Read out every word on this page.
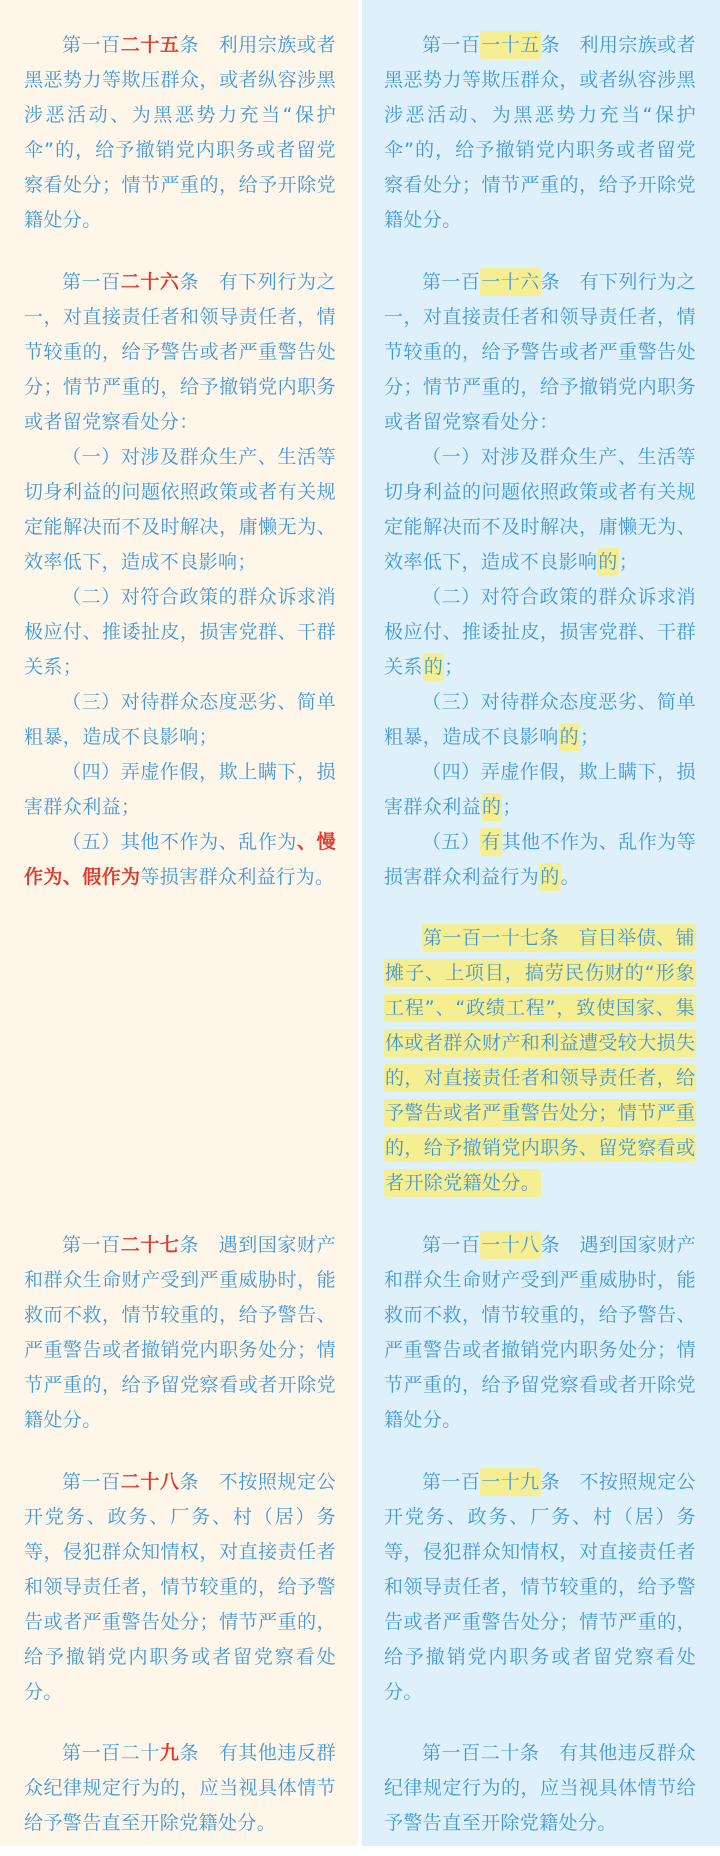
第一百二十五条　利用宗族或者黑恶势力等欺压群众，或者纵容涉黑涉恶活动、为黑恶势力充当“保护伞”的，给予撤销党内职务或者留党察看处分；情节严重的，给予开除党籍处分。

第一百一十五条　利用宗族或者黑恶势力等欺压群众，或者纵容涉黑涉恶活动、为黑恶势力充当“保护伞”的，给予撤销党内职务或者留党察看处分；情节严重的，给予开除党籍处分。

第一百二十六条　有下列行为之一，对直接责任者和领导责任者，情节较重的，给予警告或者严重警告处分；情节严重的，给予撤销党内职务或者留党察看处分：

（一）对涉及群众生产、生活等切身利益的问题依照政策或者有关规定能解决而不及时解决，庸懒无为、效率低下，造成不良影响；

（二）对符合政策的群众诉求消极应付、推诿扯皮，损害党群、干群关系；

（三）对待群众态度恶劣、简单粗暴，造成不良影响；

（四）弄虚作假，欺上瞒下，损害群众利益；

（五）其他不作为、乱作为、慢作为、假作为等损害群众利益行为。

第一百一十六条　有下列行为之一，对直接责任者和领导责任者，情节较重的，给予警告或者严重警告处分；情节严重的，给予撤销党内职务或者留党察看处分：

（一）对涉及群众生产、生活等切身利益的问题依照政策或者有关规定能解决而不及时解决，庸懒无为、效率低下，造成不良影响的；

（二）对符合政策的群众诉求消极应付、推诿扯皮，损害党群、干群关系的；

（三）对待群众态度恶劣、简单粗暴，造成不良影响的；

（四）弄虚作假，欺上瞒下，损害群众利益的；

（五）有其他不作为、乱作为等损害群众利益行为的。

第一百一十七条　盲目举债、铺摊子、上项目，搞劳民伤财的“形象工程”、“政绩工程”，致使国家、集体或者群众财产和利益遭受较大损失的，对直接责任者和领导责任者，给予警告或者严重警告处分；情节严重的，给予撤销党内职务、留党察看或者开除党籍处分。

第一百二十七条　遇到国家财产和群众生命财产受到严重威胁时，能救而不救，情节较重的，给予警告、严重警告或者撤销党内职务处分；情节严重的，给予留党察看或者开除党籍处分。

第一百一十八条　遇到国家财产和群众生命财产受到严重威胁时，能救而不救，情节较重的，给予警告、严重警告或者撤销党内职务处分；情节严重的，给予留党察看或者开除党籍处分。

第一百二十八条　不按照规定公开党务、政务、厂务、村（居）务等，侵犯群众知情权，对直接责任者和领导责任者，情节较重的，给予警告或者严重警告处分；情节严重的，给予撤销党内职务或者留党察看处分。

第一百一十九条　不按照规定公开党务、政务、厂务、村（居）务等，侵犯群众知情权，对直接责任者和领导责任者，情节较重的，给予警告或者严重警告处分；情节严重的，给予撤销党内职务或者留党察看处分。

第一百二十九条　有其他违反群众纪律规定行为的，应当视具体情节给予警告直至开除党籍处分。

第一百二十条　有其他违反群众纪律规定行为的，应当视具体情节给予警告直至开除党籍处分。
